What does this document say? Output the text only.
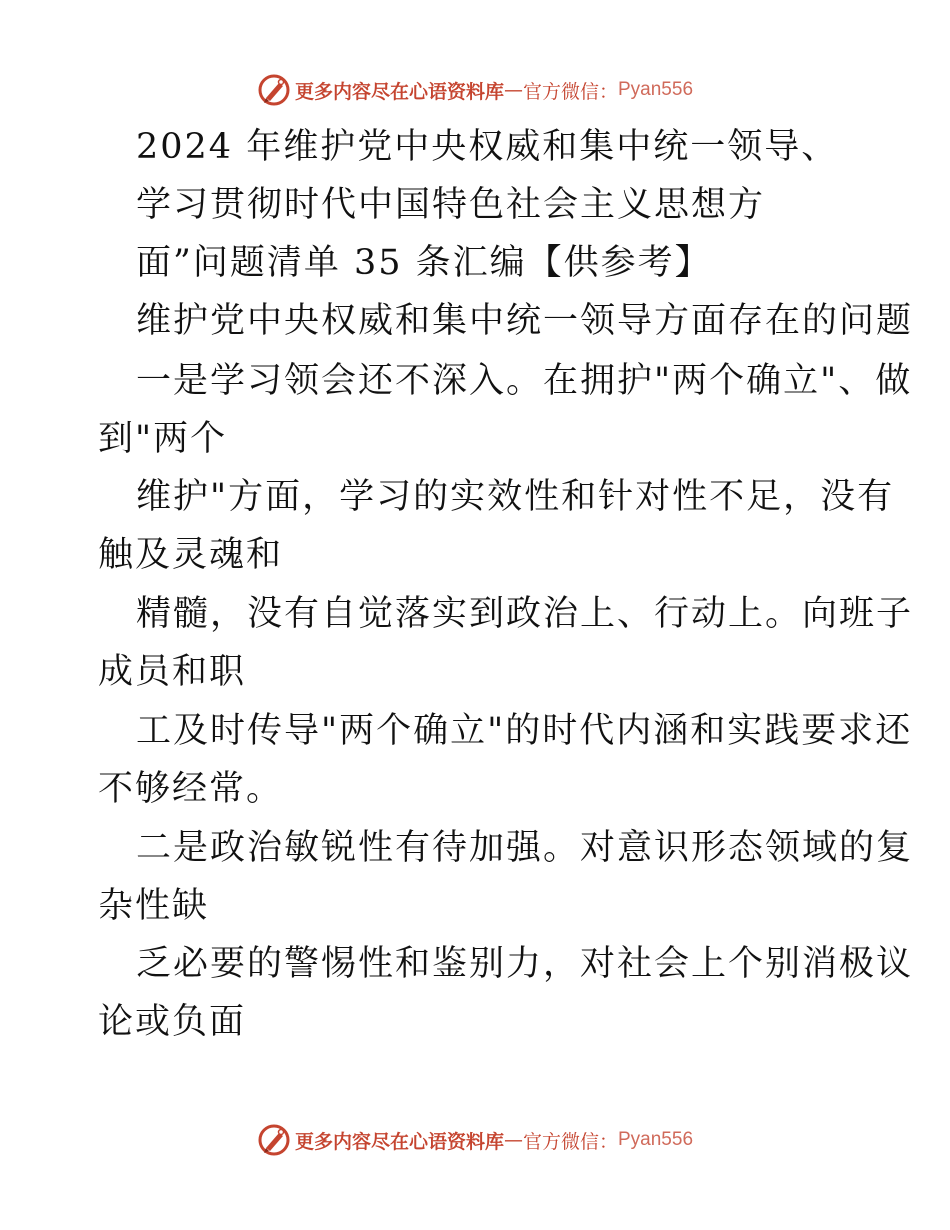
更多内容尽在心语资料库 — 官方微信： Pyan556
2024 年维护党中央权威和集中统一领导、
学习贯彻时代中国特色社会主义思想方
面”问题清单 35 条汇编【供参考】
维护党中央权威和集中统一领导方面存在的问题
一是学习领会还不深入。在拥护"两个确立"、做
到"两个
维护"方面，学习的实效性和针对性不足，没有
触及灵魂和
精髓，没有自觉落实到政治上、行动上。向班子
成员和职
工及时传导"两个确立"的时代内涵和实践要求还
不够经常。
二是政治敏锐性有待加强。对意识形态领域的复
杂性缺
乏必要的警惕性和鉴别力，对社会上个别消极议
论或负面
更多内容尽在心语资料库 — 官方微信： Pyan556
